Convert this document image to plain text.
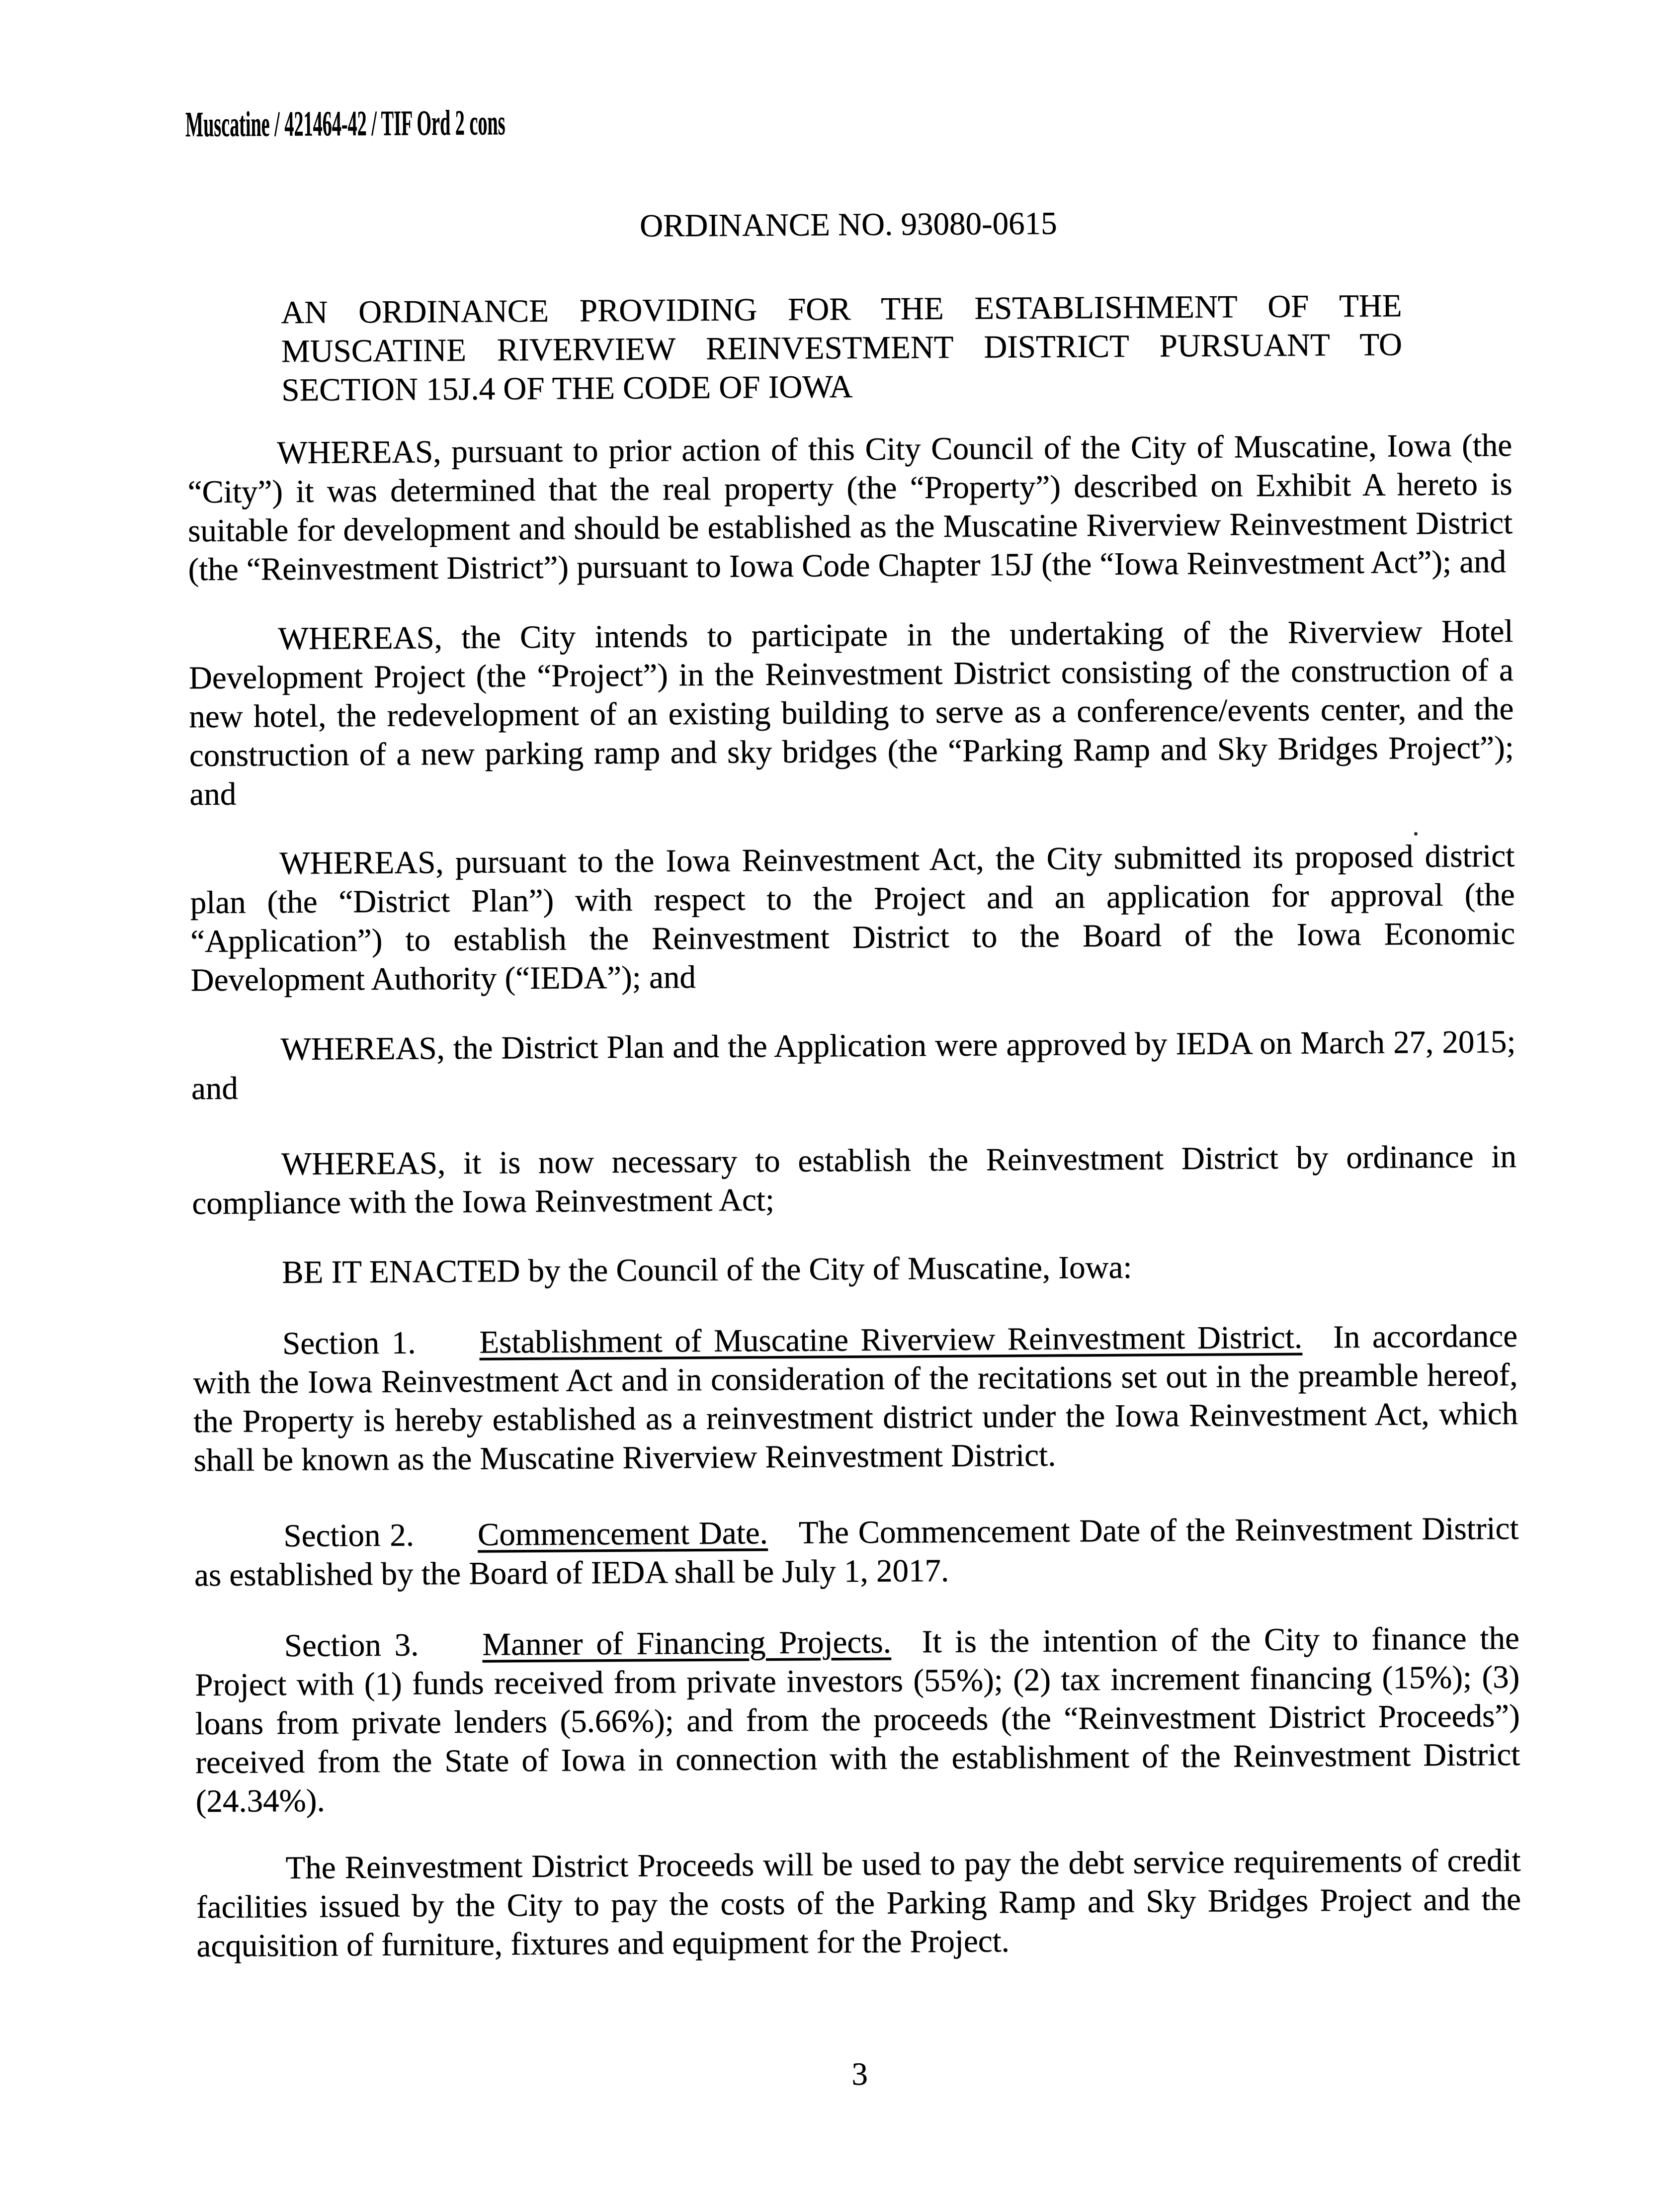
Muscatine / 421464-42 / TIF Ord 2 cons

ORDINANCE NO. 93080-0615

AN ORDINANCE PROVIDING FOR THE ESTABLISHMENT OF THE MUSCATINE RIVERVIEW REINVESTMENT DISTRICT PURSUANT TO SECTION 15J.4 OF THE CODE OF IOWA

WHEREAS, pursuant to prior action of this City Council of the City of Muscatine, Iowa (the “City”) it was determined that the real property (the “Property”) described on Exhibit A hereto is suitable for development and should be established as the Muscatine Riverview Reinvestment District (the “Reinvestment District”) pursuant to Iowa Code Chapter 15J (the “Iowa Reinvestment Act”); and

WHEREAS, the City intends to participate in the undertaking of the Riverview Hotel Development Project (the “Project”) in the Reinvestment District consisting of the construction of a new hotel, the redevelopment of an existing building to serve as a conference/events center, and the construction of a new parking ramp and sky bridges (the “Parking Ramp and Sky Bridges Project”); and

WHEREAS, pursuant to the Iowa Reinvestment Act, the City submitted its proposed district plan (the “District Plan”) with respect to the Project and an application for approval (the “Application”) to establish the Reinvestment District to the Board of the Iowa Economic Development Authority (“IEDA”); and

WHEREAS, the District Plan and the Application were approved by IEDA on March 27, 2015; and

WHEREAS, it is now necessary to establish the Reinvestment District by ordinance in compliance with the Iowa Reinvestment Act;

BE IT ENACTED by the Council of the City of Muscatine, Iowa:

Section 1. Establishment of Muscatine Riverview Reinvestment District. In accordance with the Iowa Reinvestment Act and in consideration of the recitations set out in the preamble hereof, the Property is hereby established as a reinvestment district under the Iowa Reinvestment Act, which shall be known as the Muscatine Riverview Reinvestment District.

Section 2. Commencement Date. The Commencement Date of the Reinvestment District as established by the Board of IEDA shall be July 1, 2017.

Section 3. Manner of Financing Projects. It is the intention of the City to finance the Project with (1) funds received from private investors (55%); (2) tax increment financing (15%); (3) loans from private lenders (5.66%); and from the proceeds (the “Reinvestment District Proceeds”) received from the State of Iowa in connection with the establishment of the Reinvestment District (24.34%).

The Reinvestment District Proceeds will be used to pay the debt service requirements of credit facilities issued by the City to pay the costs of the Parking Ramp and Sky Bridges Project and the acquisition of furniture, fixtures and equipment for the Project.

3
